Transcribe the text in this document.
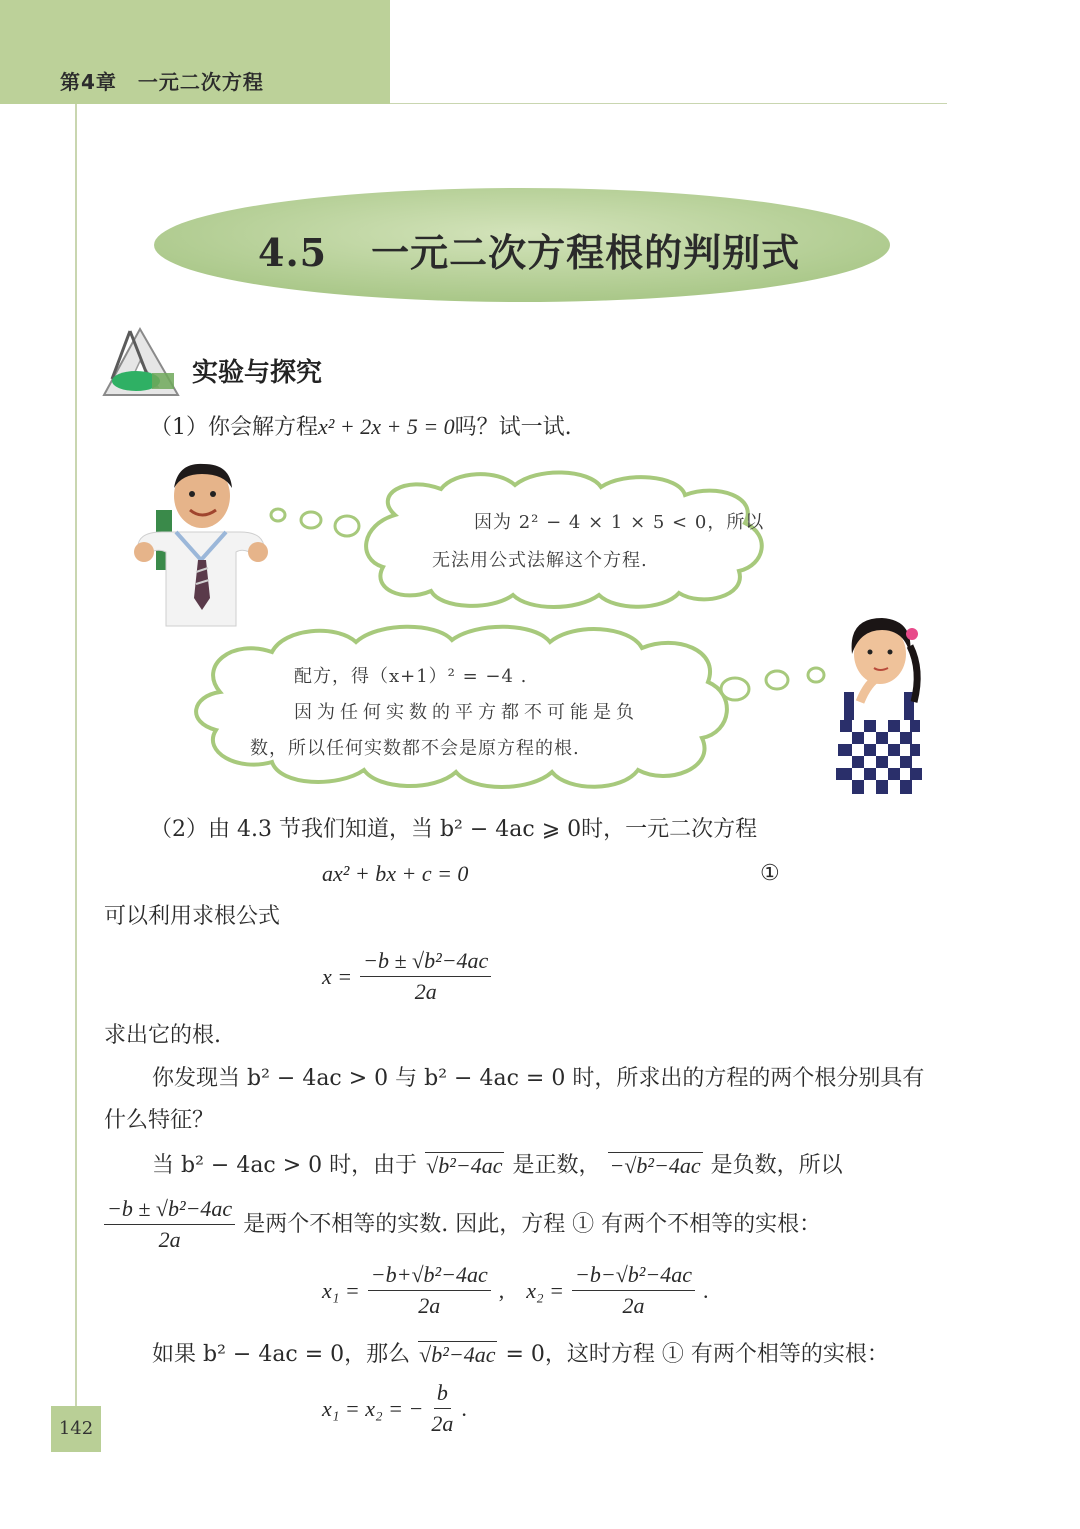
第4章　一元二次方程
4.5 一元二次方程根的判别式
实验与探究
（1）你会解方程x² + 2x + 5 = 0吗？试一试.
因为 2² − 4 × 1 × 5 < 0，所以
无法用公式法解这个方程.
配方，得（x+1）² = −4 .
因为任何实数的平方都不可能是负
数，所以任何实数都不会是原方程的根.
（2）由 4.3 节我们知道，当 b² − 4ac ⩾ 0时，一元二次方程
ax² + bx + c = 0	①
可以利用求根公式
$x = \frac{\text{−b ± √b²−4ac}}{2a}$
求出它的根.
你发现当 b² − 4ac > 0 与 b² − 4ac = 0 时，所求出的方程的两个根分别具有
什么特征？
当 b² − 4ac > 0 时，由于 √b²−4ac 是正数， −√b²−4ac 是负数，所以
$\frac{\text{−b ± √b²−4ac}}{2a}$ 是两个不相等的实数. 因此，方程 ① 有两个不相等的实根：
$x_1 = \frac{\text{−b+√b²−4ac}}{2a}$ , $x_2 = \frac{\text{−b−√b²−4ac}}{2a}$ .
如果 b² − 4ac = 0，那么 √b²−4ac = 0，这时方程 ① 有两个相等的实根：
x₁ = x₂ = − $\frac{b}{2a}$ .
142
